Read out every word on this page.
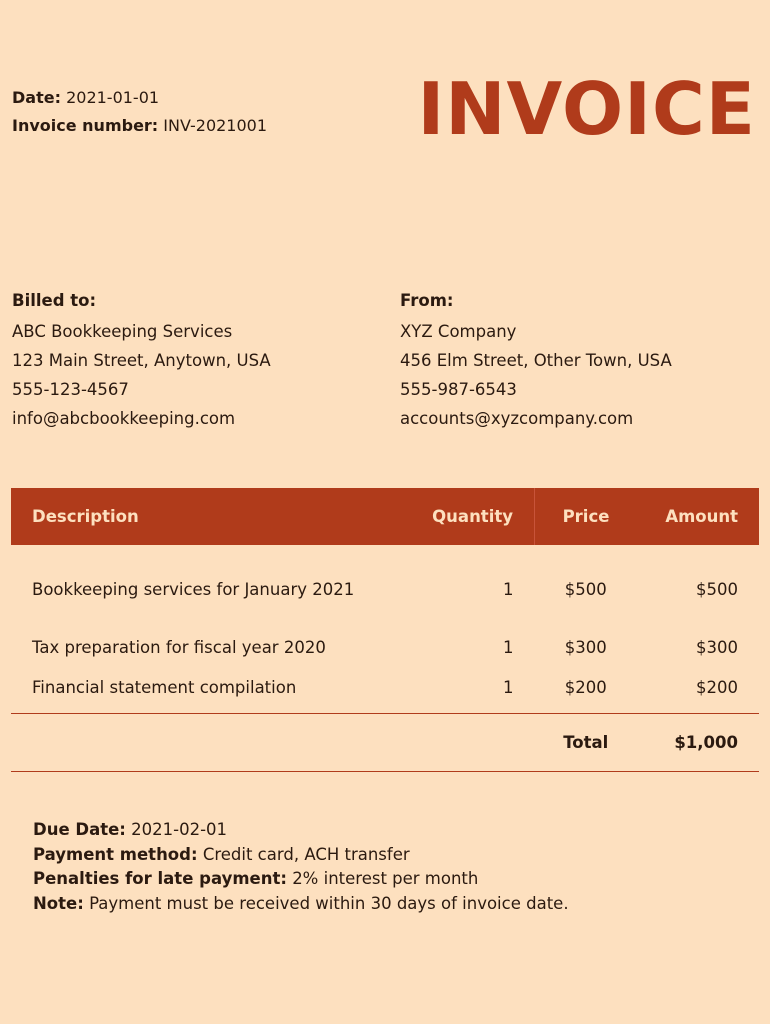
Date: 2021-01-01
Invoice number: INV-2021001 INVOICE
Billed to:
ABC Bookkeeping Services
123 Main Street, Anytown, USA
555-123-4567
info@abcbookkeeping.com
From:
XYZ Company
456 Elm Street, Other Town, USA
555-987-6543
accounts@xyzcompany.com
Description	Quantity	Price	Amount
Bookkeeping services for January 2021	1	$500	$500
Tax preparation for fiscal year 2020	1	$300	$300
Financial statement compilation	1	$200	$200
		Total	$1,000
Due Date: 2021-02-01
Payment method: Credit card, ACH transfer
Penalties for late payment: 2% interest per month
Note: Payment must be received within 30 days of invoice date.
